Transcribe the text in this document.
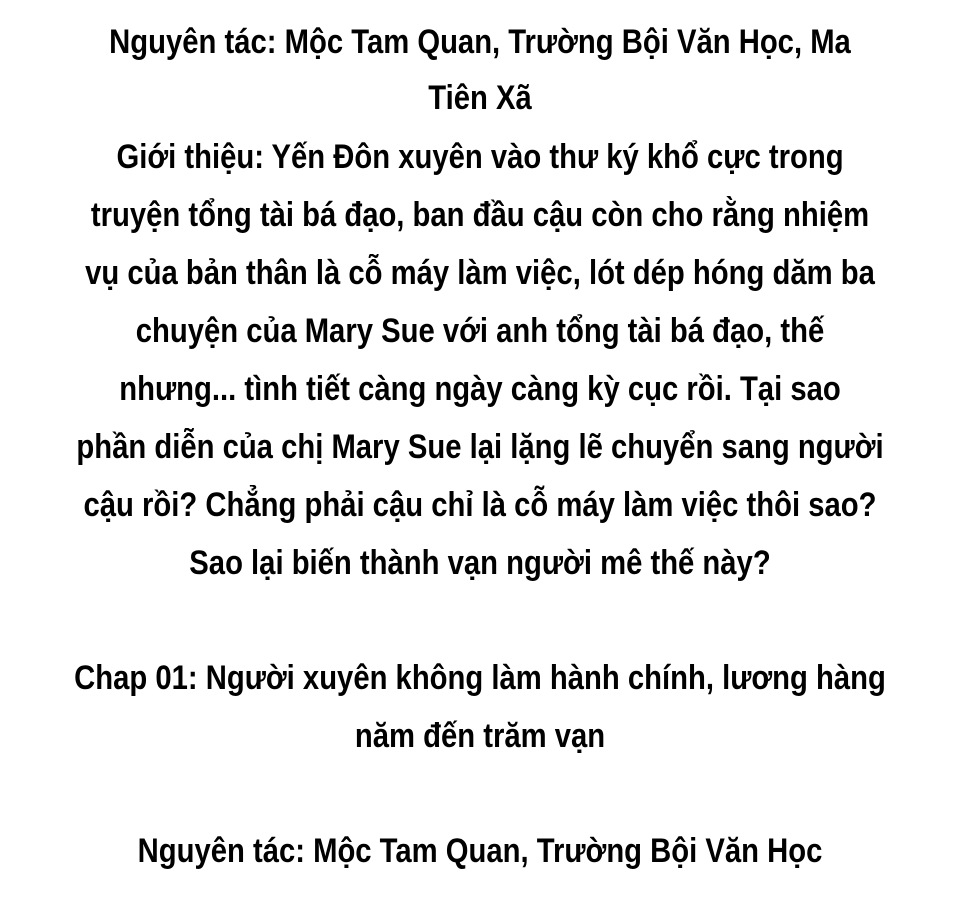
Nguyên tác: Mộc Tam Quan, Trường Bội Văn Học, Ma
Tiên Xã
Giới thiệu: Yến Đôn xuyên vào thư ký khổ cực trong
truyện tổng tài bá đạo, ban đầu cậu còn cho rằng nhiệm
vụ của bản thân là cỗ máy làm việc, lót dép hóng dăm ba
chuyện của Mary Sue với anh tổng tài bá đạo, thế
nhưng... tình tiết càng ngày càng kỳ cục rồi. Tại sao
phần diễn của chị Mary Sue lại lặng lẽ chuyển sang người
cậu rồi? Chẳng phải cậu chỉ là cỗ máy làm việc thôi sao?
Sao lại biến thành vạn người mê thế này?
Chap 01: Người xuyên không làm hành chính, lương hàng
năm đến trăm vạn
Nguyên tác: Mộc Tam Quan, Trường Bội Văn Học
